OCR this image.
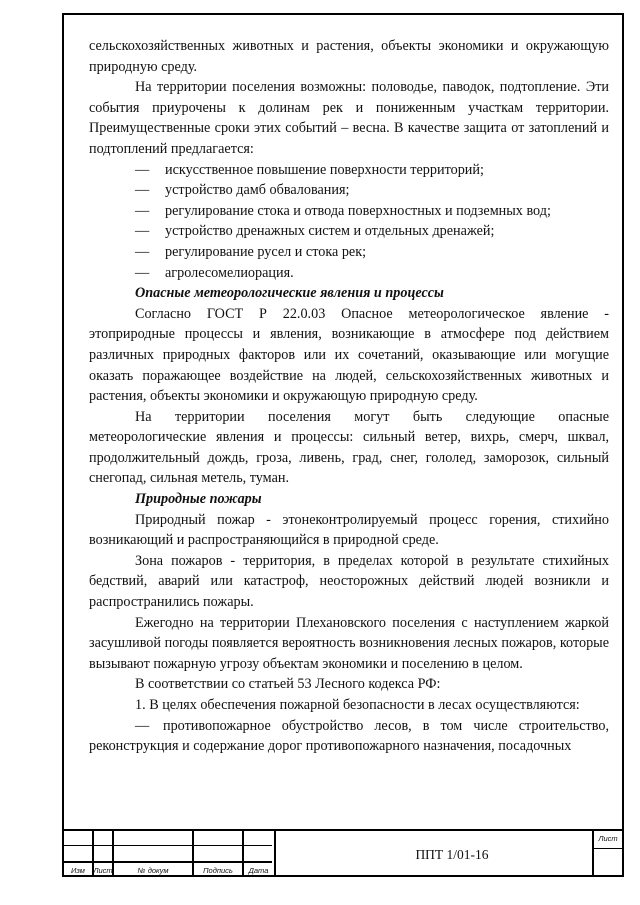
сельскохозяйственных животных и растения, объекты экономики и окружающую природную среду.

На территории поселения возможны: половодье, паводок, подтопление. Эти события приурочены к долинам рек и пониженным участкам территории. Преимущественные сроки этих событий – весна. В качестве защита от затоплений и подтоплений предлагается:

— искусственное повышение поверхности территорий;

— устройство дамб обвалования;

— регулирование стока и отвода поверхностных и подземных вод;

— устройство дренажных систем и отдельных дренажей;

— регулирование русел и стока рек;

— агролесомелиорация.

Опасные метеорологические явления и процессы

Согласно ГОСТ Р 22.0.03 Опасное метеорологическое явление - этоприродные процессы и явления, возникающие в атмосфере под действием различных природных факторов или их сочетаний, оказывающие или могущие оказать поражающее воздействие на людей, сельскохозяйственных животных и растения, объекты экономики и окружающую природную среду.

На территории поселения могут быть следующие опасные метеорологические явления и процессы: сильный ветер, вихрь, смерч, шквал, продолжительный дождь, гроза, ливень, град, снег, гололед, заморозок, сильный снегопад, сильная метель, туман.

Природные пожары

Природный пожар - этонеконтролируемый процесс горения, стихийно возникающий и распространяющийся в природной среде.

Зона пожаров - территория, в пределах которой в результате стихийных бедствий, аварий или катастроф, неосторожных действий людей возникли и распространились пожары.

Ежегодно на территории Плехановского поселения с наступлением жаркой засушливой погоды появляется вероятность возникновения лесных пожаров, которые вызывают пожарную угрозу объектам экономики и поселению в целом.

В соответствии со статьей 53 Лесного кодекса РФ:

1. В целях обеспечения пожарной безопасности в лесах осуществляются:

— противопожарное обустройство лесов, в том числе строительство, реконструкция и содержание дорог противопожарного назначения, посадочных

Изм	Лист	№ докум	Подпись	Дата
ППТ 1/01-16
Лист
